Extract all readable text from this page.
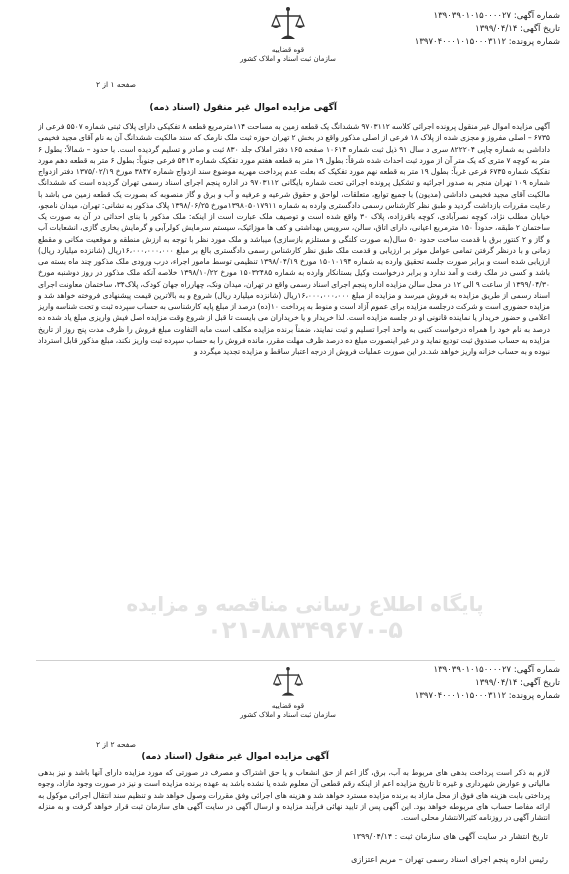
شماره آگهی: ۱۳۹۰۳۹۰۱۰۱۵۰۰۰۰۲۷
تاریخ آگهی: ۱۳۹۹/۰۴/۱۴
شماره پرونده: ۱۳۹۷۰۴۰۰۰۱۰۱۵۰۰۰۳۱۱۲
قوه قضاییه
سازمان ثبت اسناد و املاک کشور
صفحه ۱ از ۲
آگهی مزایده اموال غیر منقول (اسناد ذمه)
پایگاه اطلاع رسانی مناقصه و مزایده
۰۲۱-۸۸۳۴۹۶۷۰-۵
آگهی مزایده اموال غیر منقول پرونده اجرائی کلاسه ۹۷۰۳۱۱۲ ششدانگ یک قطعه زمین به مساحت ۱۱۴مترمربع قطعه ۸ تفکیکی دارای پلاک ثبتی شماره ۵۵۰۷ فرعی از ۶۷۳۵ – اصلی مفروز و مجزی شده از پلاک ۱۸ فرعی از اصلی مذکور واقع در بخش ۲ تهران حوزه ثبت ملک نارمک که سند مالکیت ششدانگ آن به نام آقای مجید فخیمی داداشی به شماره چاپی ۸۲۲۲۰۴ سری د سال ۹۱ ذیل ثبت شماره ۱۰۶۱۴ صفحه ۱۶۵ دفتر املاک جلد ۸۳۰ ثبت و صادر و تسلیم گردیده است. با حدود – شمالاً: بطول ۶ متر به کوچه ۷ متری که یک متر آن از مورد ثبت احداث شده شرقاً: بطول ۱۹ متر به قطعه هفتم مورد تفکیک شماره ۵۴۱۳ فرعی جنوباً: بطول ۶ متر به قطعه دهم مورد تفکیک شماره ۶۷۳۵ فرعی غرباً: بطول ۱۹ متر به قطعه نهم مورد تفکیک که بعلت عدم پرداخت مهریه موضوع سند ازدواج شماره ۳۸۴۷ مورخ ۱۳۷۵/۰۲/۱۹ دفتر ازدواج شماره ۱۰۹ تهران منجر به صدور اجرائیه و تشکیل پرونده اجرائی تحت شماره بایگانی ۹۷۰۳۱۱۲ در اداره پنجم اجرای اسناد رسمی تهران گردیده است که ششدانگ مالکیت آقای مجید فخیمی داداشی (مدیون) با جمیع توابع، متعلقات، لواحق و حقوق شرعیه و عرفیه و آب و برق و گاز منصوبه که بصورت یک قطعه زمین می باشد با رعایت مقررات بازداشت گردید و طبق نظر کارشناس رسمی دادگستری وارده به شماره ۱۳۹۸۰۵۰۱۷۹۱۱مورخ ۱۳۹۸/۰۶/۲۵ پلاک مذکور به نشانی: تهران، میدان نامجو، خیابان مطلب نژاد، کوچه نصرآبادی، کوچه باقرزاده، پلاک ۳۰ واقع شده است و توصیف ملک عبارت است از اینکه: ملک مذکور با بنای احداثی در آن به صورت یک ساختمان ۲ طبقه، حدوداً ۱۵۰ مترمربع اعیانی، دارای اتاق، سالن، سرویس بهداشتی و کف ها موزائیک، سیستم سرمایش کولرآبی و گرمایش بخاری گازی، انشعابات آب و گاز و ۲ کنتور برق با قدمت ساخت حدود ۵۰ سال(به صورت کلنگی و مستلزم بازسازی) میباشد و ملک مورد نظر با توجه به ارزش منطقه و موقعیت مکانی و مقطع زمانی و با درنظر گرفتن تمامی عوامل موثر بر ارزیابی و قدمت ملک طبق نظر کارشناس رسمی دادگستری بالغ بر مبلغ ۱۶،۰۰۰،۰۰۰،۰۰۰ریال (شانزده میلیارد ریال) ارزیابی شده است و برابر صورت جلسه تحقیق وارده به شماره ۱۵۰۱۰۱۹۴ مورخ ۱۳۹۸/۰۴/۱۹ تنظیمی توسط مامور اجراء، درب ورودی ملک مذکور چند ماه بسته می باشد و کسی در ملک رفت و آمد ندارد و برابر درخواست وکیل بستانکار وارده به شماره ۱۵۰۳۲۴۸۵ مورخ ۱۳۹۸/۱۰/۲۲ خلاصه آنکه ملک مذکور در روز دوشنبه مورخ ۱۳۹۹/۰۴/۳۰ از ساعت ۹ الی ۱۲ در محل سالن مزایده اداره پنجم اجرای اسناد رسمی واقع در تهران، میدان ونک، چهارراه جهان کودک، پلاک۳۴، ساختمان معاونت اجرای اسناد رسمی از طریق مزایده به فروش میرسد و مزایده از مبلغ ۱۶،۰۰۰،۰۰۰،۰۰۰ریال (شانزده میلیارد ریال) شروع و به بالاترین قیمت پیشنهادی فروخته خواهد شد و مزایده حضوری است و شرکت درجلسه مزایده برای عموم آزاد است و منوط به پرداخت ۱۰(ده) درصد از مبلغ پایه کارشناسی به حساب سپرده ثبت و تحت شناسه واریز اعلامی و حضور خریدار یا نماینده قانونی او در جلسه مزایده است. لذا خریدار و یا خریداران می بایست تا قبل از شروع وقت مزایده اصل فیش واریزی مبلغ یاد شده ده درصد به نام خود را همراه درخواست کتبی به واحد اجرا تسلیم و ثبت نمایند، ضمناً برنده مزایده مکلف است مابه التفاوت مبلغ فروش را ظرف مدت پنج روز از تاریخ مزایده به حساب صندوق ثبت تودیع نماید و در غیر اینصورت مبلغ ده درصد ظرف مهلت مقرر، مانده فروش را به حساب سپرده ثبت واریز نکند، مبلغ مذکور قابل استرداد نبوده و به حساب خزانه واریز خواهد شد.در این صورت عملیات فروش از درجه اعتبار ساقط و مزایده تجدید میگردد و
شماره آگهی: ۱۳۹۰۳۹۰۱۰۱۵۰۰۰۰۲۷
تاریخ آگهی: ۱۳۹۹/۰۴/۱۴
شماره پرونده: ۱۳۹۷۰۴۰۰۰۱۰۱۵۰۰۰۳۱۱۲
قوه قضاییه
سازمان ثبت اسناد و املاک کشور
صفحه ۲ از ۲
آگهی مزایده اموال غیر منقول (اسناد ذمه)
لازم به ذکر است پرداخت بدهی های مربوط به آب، برق، گاز اعم از حق انشعاب و یا حق اشتراک و مصرف در صورتی که مورد مزایده دارای آنها باشد و نیز بدهی مالیاتی و عوارض شهرداری و غیره تا تاریخ مزایده اعم از اینکه رقم قطعی آن معلوم شده یا نشده باشد به عهده برنده مزایده است و نیز در صورت وجود مازاد، وجوه پرداختی بابت هزینه های فوق از محل مازاد به برنده مزایده مسترد خواهد شد و هزینه های اجرائی وفق مقررات وصول خواهد شد و تنظیم سند انتقال اجرائی موکول به ارائه مفاصا حساب های مربوطه خواهد بود. این آگهی پس از تایید نهائی فرآیند مزایده و ارسال آگهی در سایت آگهی های سازمان ثبت قرار خواهد گرفت و به منزله انتشار آگهی در روزنامه کثیرالانتشار محلی است.
تاریخ انتشار در سایت آگهی های سازمان ثبت : ۱۳۹۹/۰۴/۱۴
رئیس اداره پنجم اجرای اسناد رسمی تهران – مریم اعتزازی
